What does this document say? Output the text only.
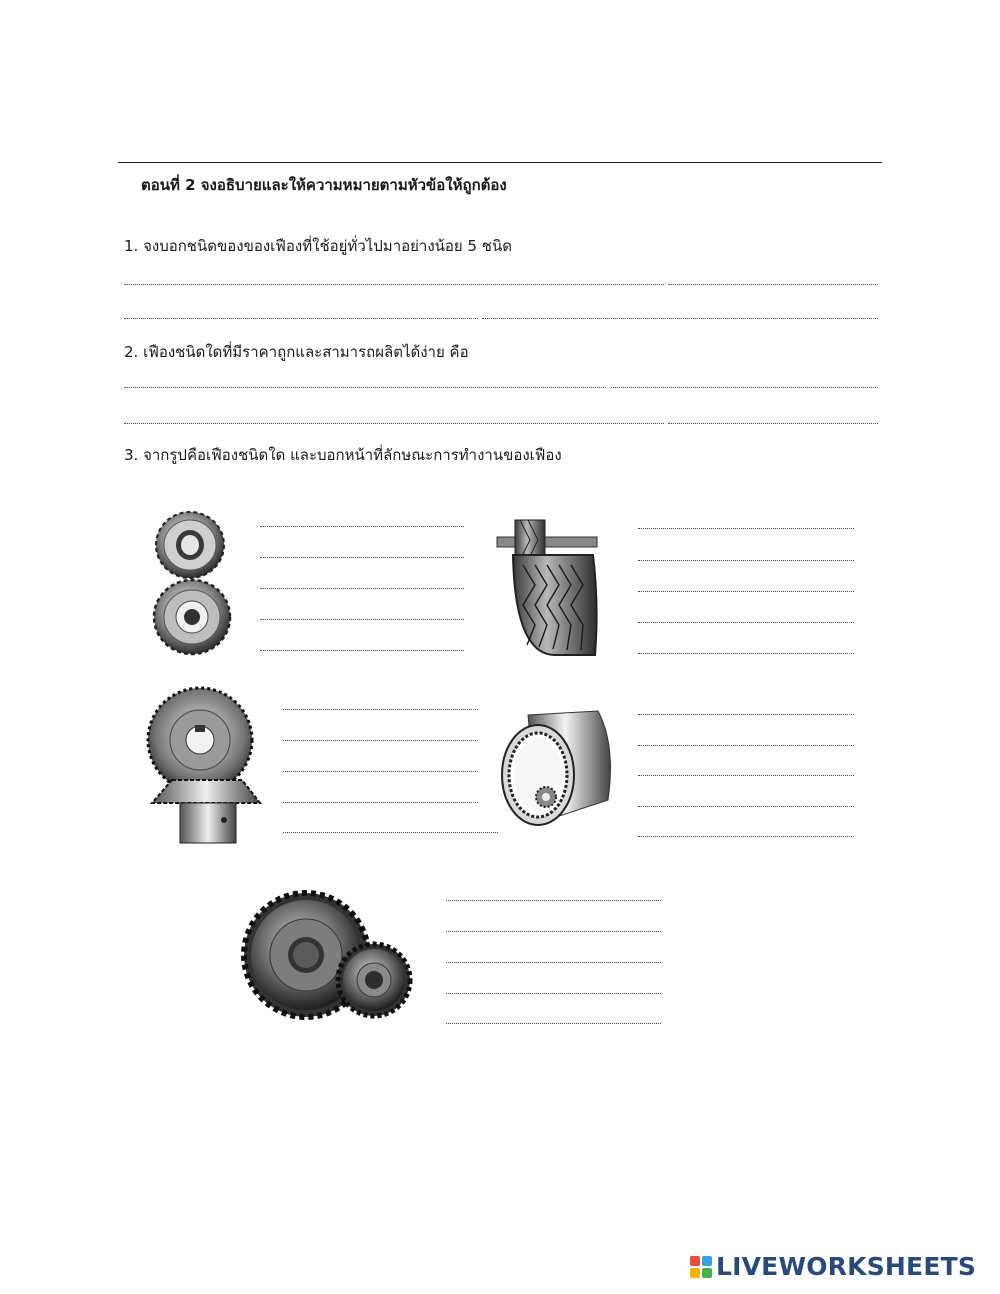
ตอนที่ 2 จงอธิบายและให้ความหมายตามหัวข้อให้ถูกต้อง
1. จงบอกชนิดของของเฟืองที่ใช้อยู่ทั่วไปมาอย่างน้อย 5 ชนิด
2. เฟืองชนิดใดที่มีราคาถูกและสามารถผลิตได้ง่าย คือ
3. จากรูปคือเฟืองชนิดใด และบอกหน้าที่ลักษณะการทำงานของเฟือง
LIVEWORKSHEETS
